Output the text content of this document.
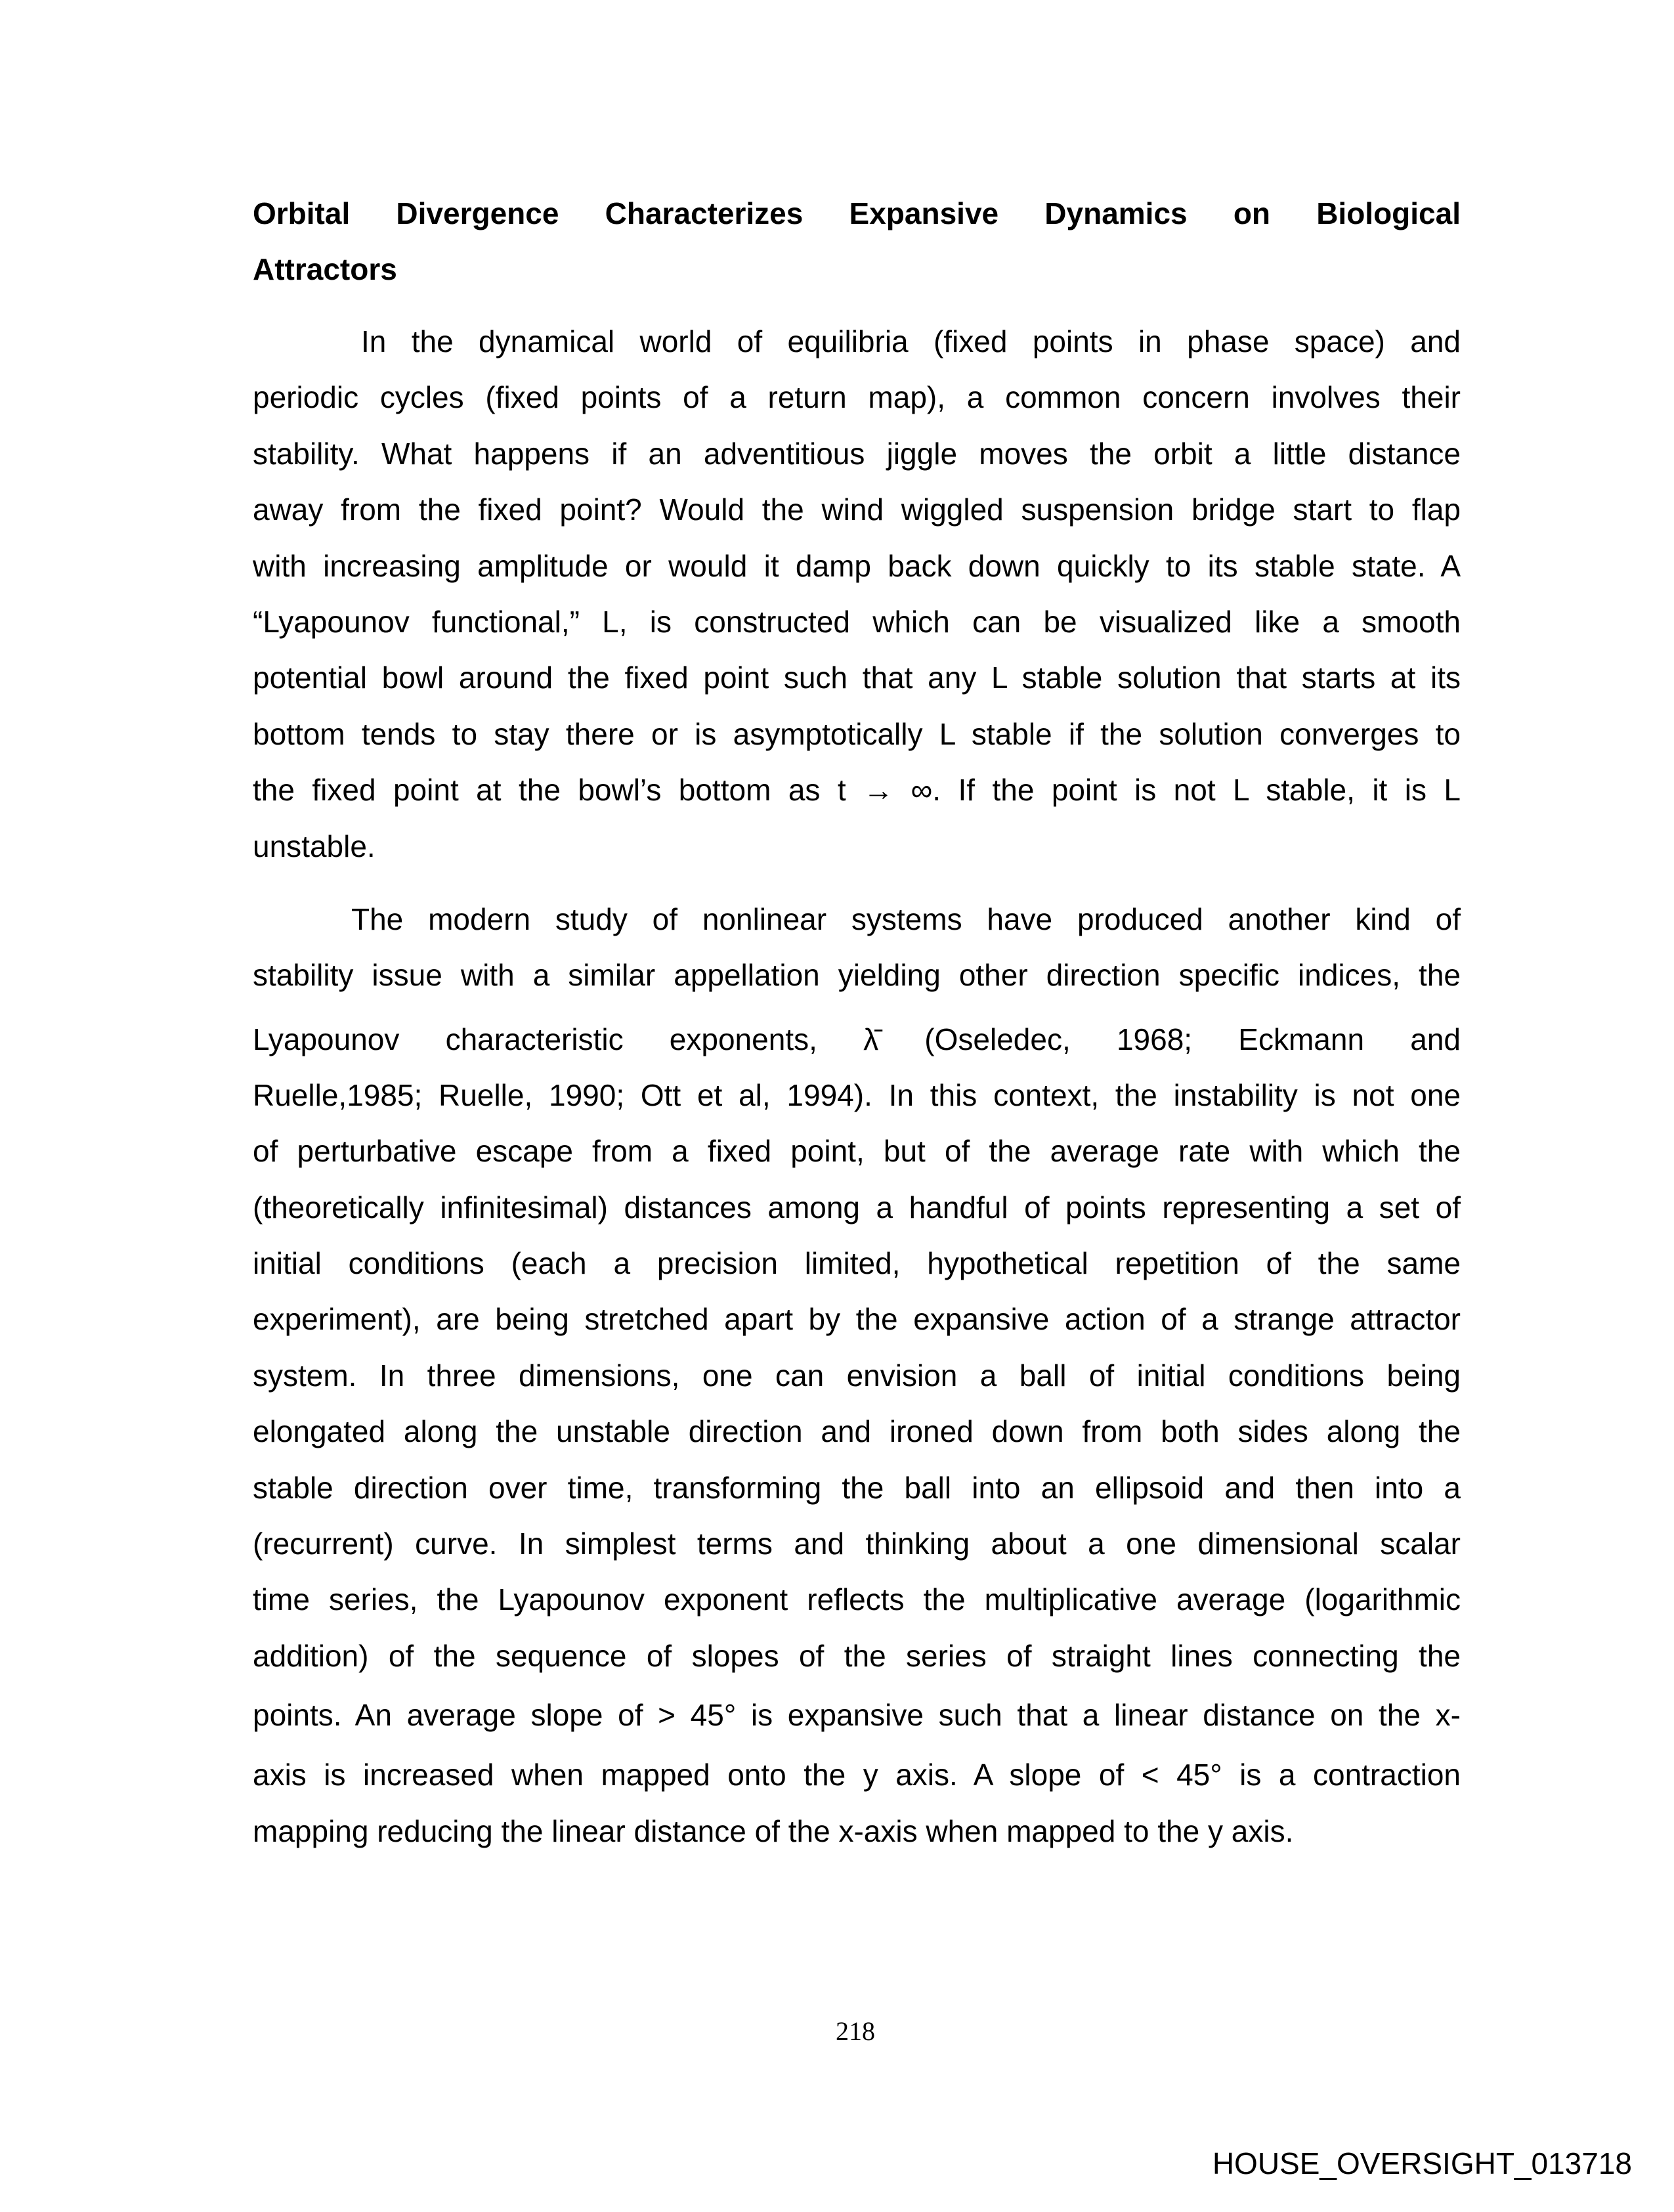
Orbital Divergence Characterizes Expansive Dynamics on Biological
Attractors
In the dynamical world of equilibria (fixed points in phase space) and
periodic cycles (fixed points of a return map), a common concern involves their
stability. What happens if an adventitious jiggle moves the orbit a little distance
away from the fixed point? Would the wind wiggled suspension bridge start to flap
with increasing amplitude or would it damp back down quickly to its stable state. A
“Lyapounov functional,” L, is constructed which can be visualized like a smooth
potential bowl around the fixed point such that any L stable solution that starts at its
bottom tends to stay there or is asymptotically L stable if the solution converges to
the fixed point at the bowl’s bottom as t → ∞. If the point is not L stable, it is L
unstable.
The modern study of nonlinear systems have produced another kind of
stability issue with a similar appellation yielding other direction specific indices, the
Lyapounov characteristic exponents, λ̄ (Oseledec, 1968; Eckmann and
Ruelle,1985; Ruelle, 1990; Ott et al, 1994). In this context, the instability is not one
of perturbative escape from a fixed point, but of the average rate with which the
(theoretically infinitesimal) distances among a handful of points representing a set of
initial conditions (each a precision limited, hypothetical repetition of the same
experiment), are being stretched apart by the expansive action of a strange attractor
system. In three dimensions, one can envision a ball of initial conditions being
elongated along the unstable direction and ironed down from both sides along the
stable direction over time, transforming the ball into an ellipsoid and then into a
(recurrent) curve. In simplest terms and thinking about a one dimensional scalar
time series, the Lyapounov exponent reflects the multiplicative average (logarithmic
addition) of the sequence of slopes of the series of straight lines connecting the
points. An average slope of > 45° is expansive such that a linear distance on the x-
axis is increased when mapped onto the y axis. A slope of < 45° is a contraction
mapping reducing the linear distance of the x-axis when mapped to the y axis.
218
HOUSE_OVERSIGHT_013718
